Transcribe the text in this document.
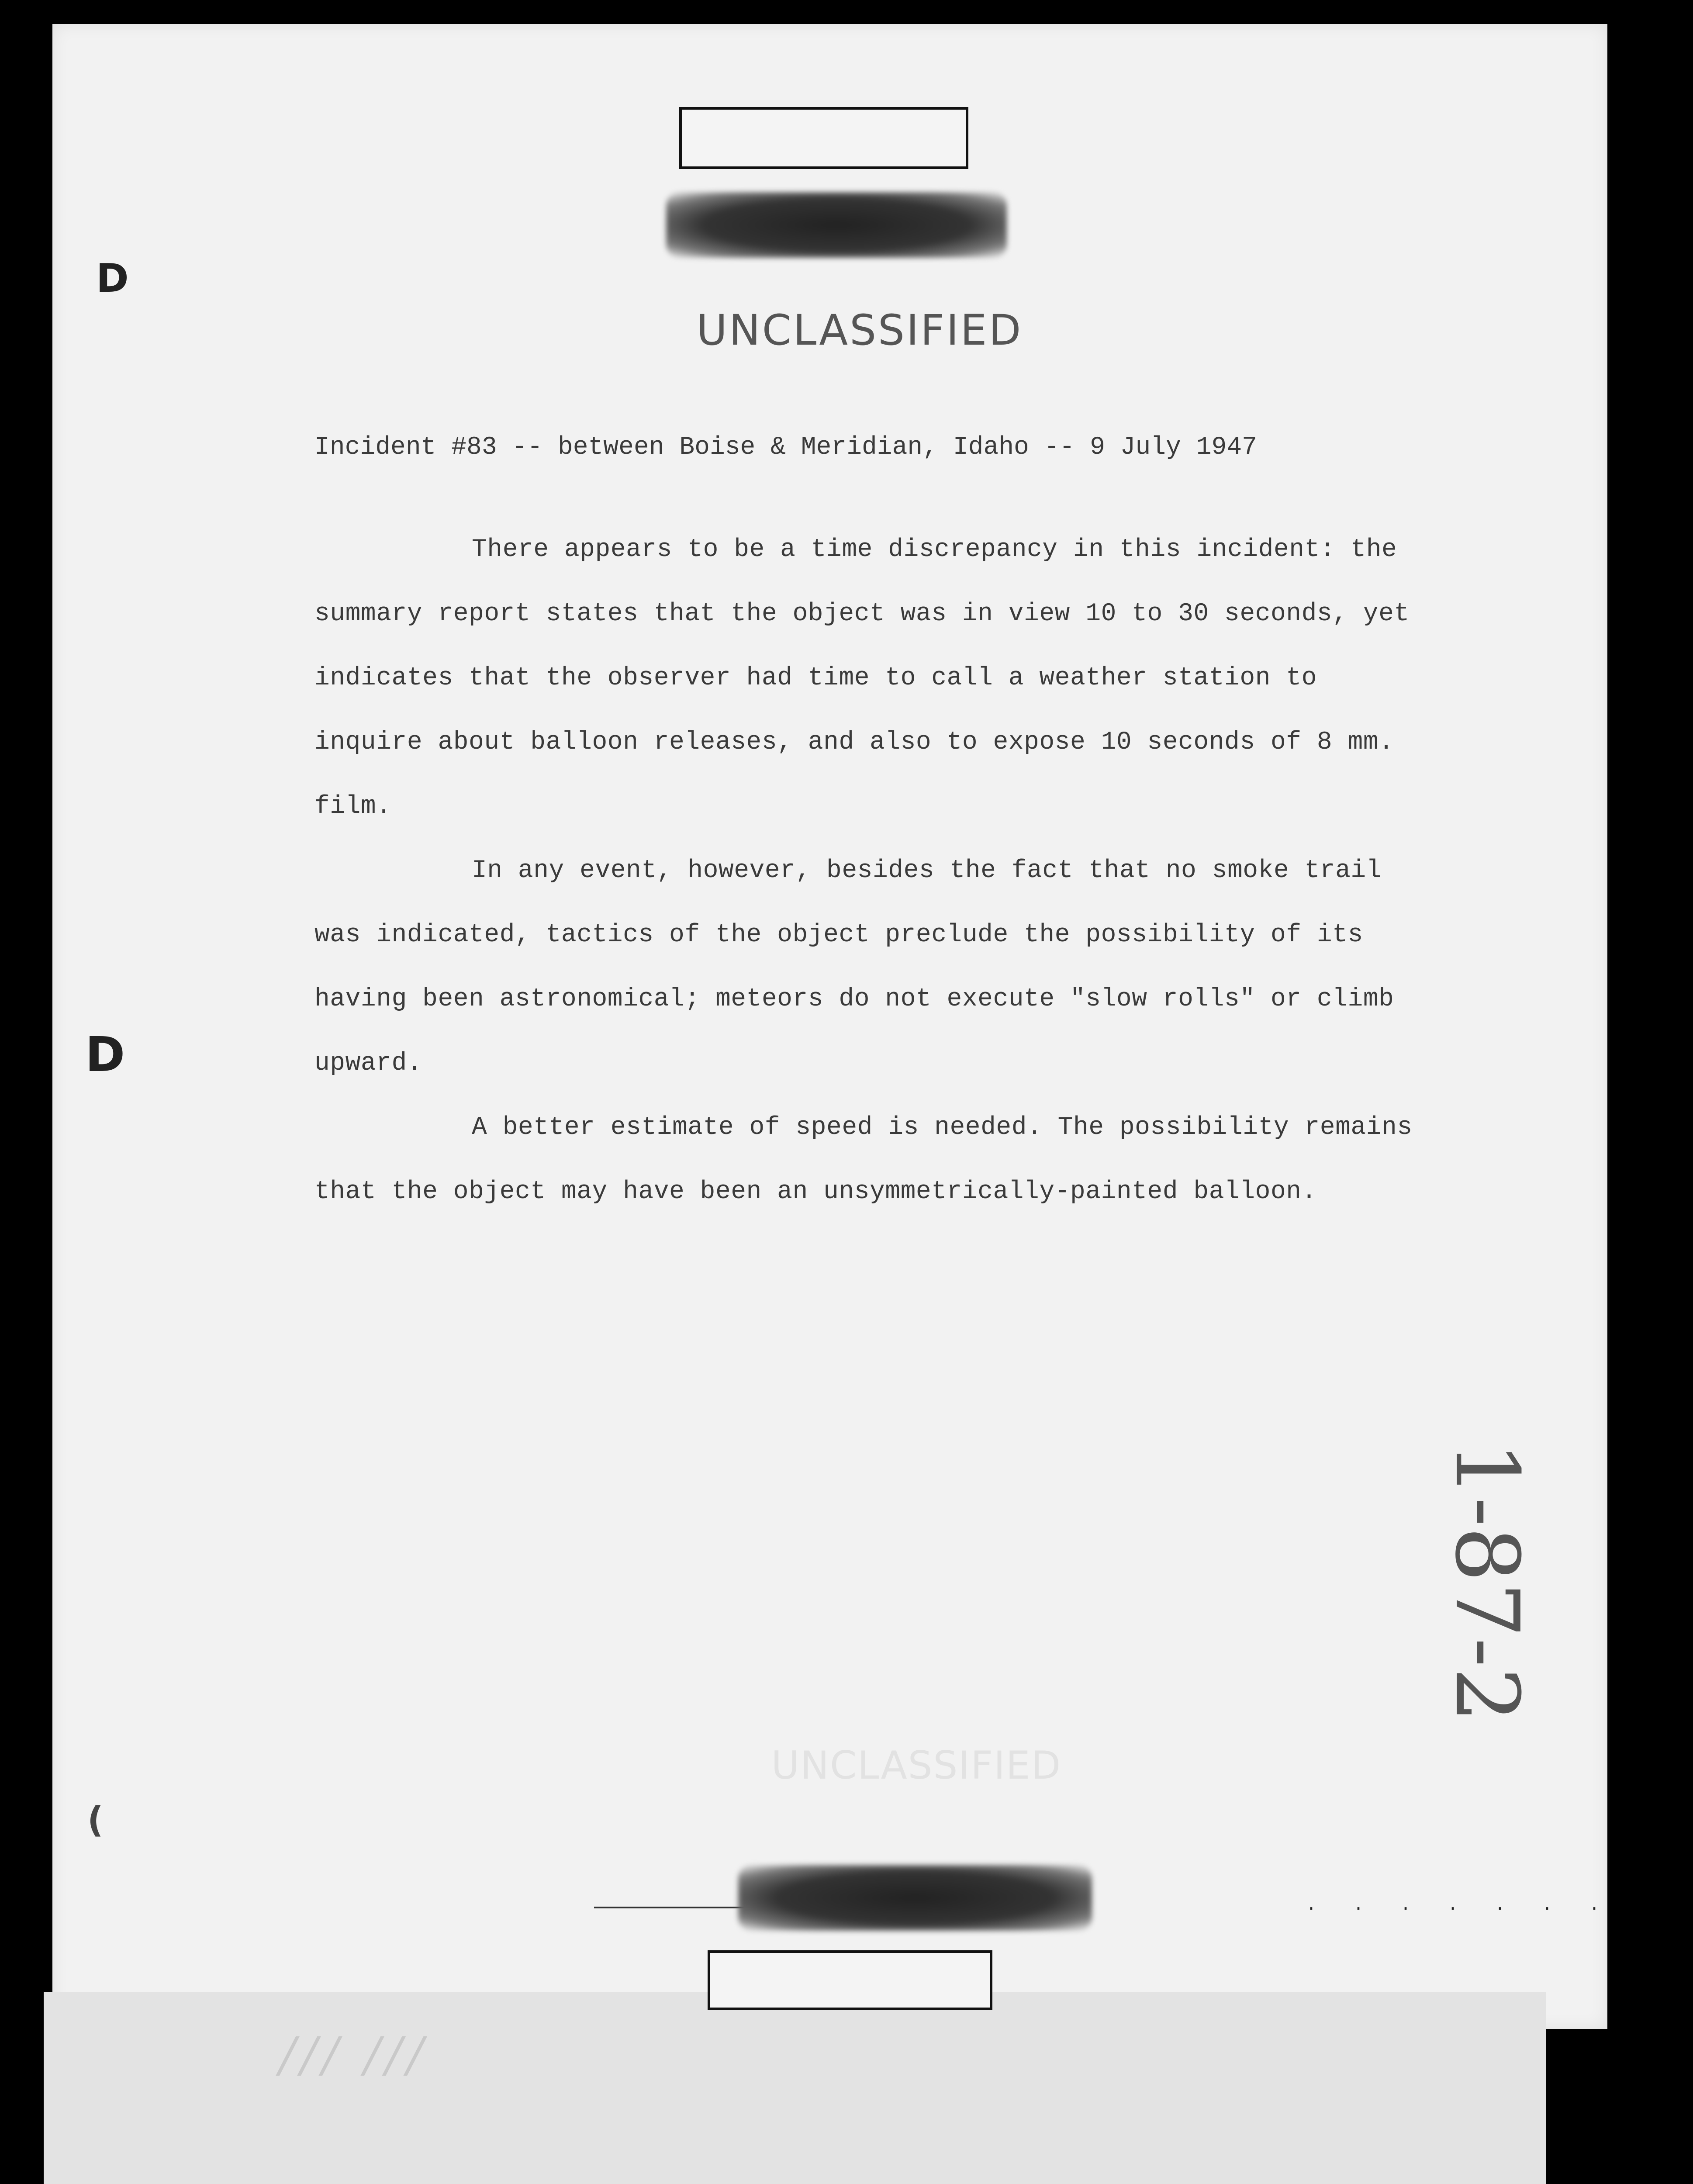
UNCLASSIFIED
D
D
(

Incident #83 -- between Boise & Meridian, Idaho -- 9 July 1947

There appears to be a time discrepancy in this incident: the summary report states that the object was in view 10 to 30 seconds, yet indicates that the observer had time to call a weather station to inquire about balloon releases, and also to expose 10 seconds of 8 mm. film.

In any event, however, besides the fact that no smoke trail was indicated, tactics of the object preclude the possibility of its having been astronomical; meteors do not execute "slow rolls" or climb upward.

A better estimate of speed is needed. The possibility remains that the object may have been an unsymmetrically-painted balloon.

UNCLASSIFIED
. . . . . . .
1-87-2
/// ///
